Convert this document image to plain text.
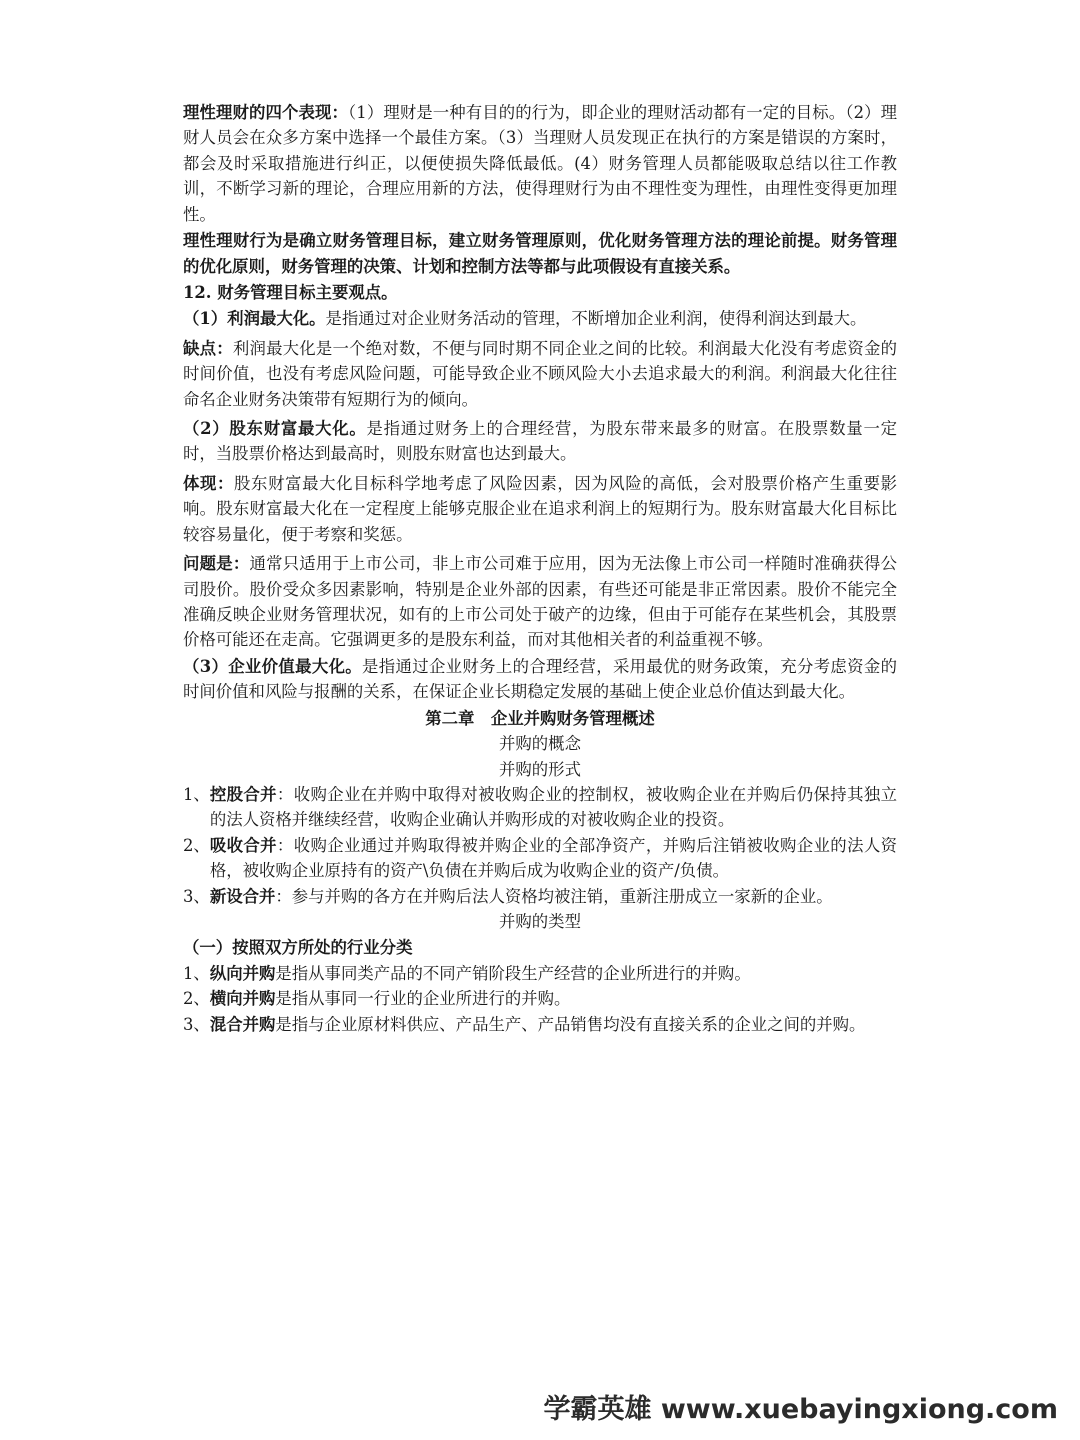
理性理财的四个表现：（1）理财是一种有目的的行为，即企业的理财活动都有一定的目标。（2）理财人员会在众多方案中选择一个最佳方案。（3）当理财人员发现正在执行的方案是错误的方案时，都会及时采取措施进行纠正，以便使损失降低最低。(4）财务管理人员都能吸取总结以往工作教训，不断学习新的理论，合理应用新的方法，使得理财行为由不理性变为理性，由理性变得更加理性。

理性理财行为是确立财务管理目标，建立财务管理原则，优化财务管理方法的理论前提。财务管理的优化原则，财务管理的决策、计划和控制方法等都与此项假设有直接关系。

12. 财务管理目标主要观点。

（1）利润最大化。是指通过对企业财务活动的管理，不断增加企业利润，使得利润达到最大。

缺点：利润最大化是一个绝对数，不便与同时期不同企业之间的比较。利润最大化没有考虑资金的时间价值，也没有考虑风险问题，可能导致企业不顾风险大小去追求最大的利润。利润最大化往往命名企业财务决策带有短期行为的倾向。

（2）股东财富最大化。是指通过财务上的合理经营，为股东带来最多的财富。在股票数量一定时，当股票价格达到最高时，则股东财富也达到最大。

体现：股东财富最大化目标科学地考虑了风险因素，因为风险的高低，会对股票价格产生重要影响。股东财富最大化在一定程度上能够克服企业在追求利润上的短期行为。股东财富最大化目标比较容易量化，便于考察和奖惩。

问题是：通常只适用于上市公司，非上市公司难于应用，因为无法像上市公司一样随时准确获得公司股价。股价受众多因素影响，特别是企业外部的因素，有些还可能是非正常因素。股价不能完全准确反映企业财务管理状况，如有的上市公司处于破产的边缘，但由于可能存在某些机会，其股票价格可能还在走高。它强调更多的是股东利益，而对其他相关者的利益重视不够。

（3）企业价值最大化。是指通过企业财务上的合理经营，采用最优的财务政策，充分考虑资金的时间价值和风险与报酬的关系，在保证企业长期稳定发展的基础上使企业总价值达到最大化。

第二章　企业并购财务管理概述

并购的概念

并购的形式

1、 控股合并：收购企业在并购中取得对被收购企业的控制权，被收购企业在并购后仍保持其独立的法人资格并继续经营，收购企业确认并购形成的对被收购企业的投资。
2、 吸收合并：收购企业通过并购取得被并购企业的全部净资产，并购后注销被收购企业的法人资格，被收购企业原持有的资产\负债在并购后成为收购企业的资产/负债。
3、 新设合并：参与并购的各方在并购后法人资格均被注销，重新注册成立一家新的企业。

并购的类型

（一）按照双方所处的行业分类

1、 纵向并购是指从事同类产品的不同产销阶段生产经营的企业所进行的并购。
2、 横向并购是指从事同一行业的企业所进行的并购。
3、 混合并购是指与企业原材料供应、产品生产、产品销售均没有直接关系的企业之间的并购。
学霸英雄 www.xuebayingxiong.com
